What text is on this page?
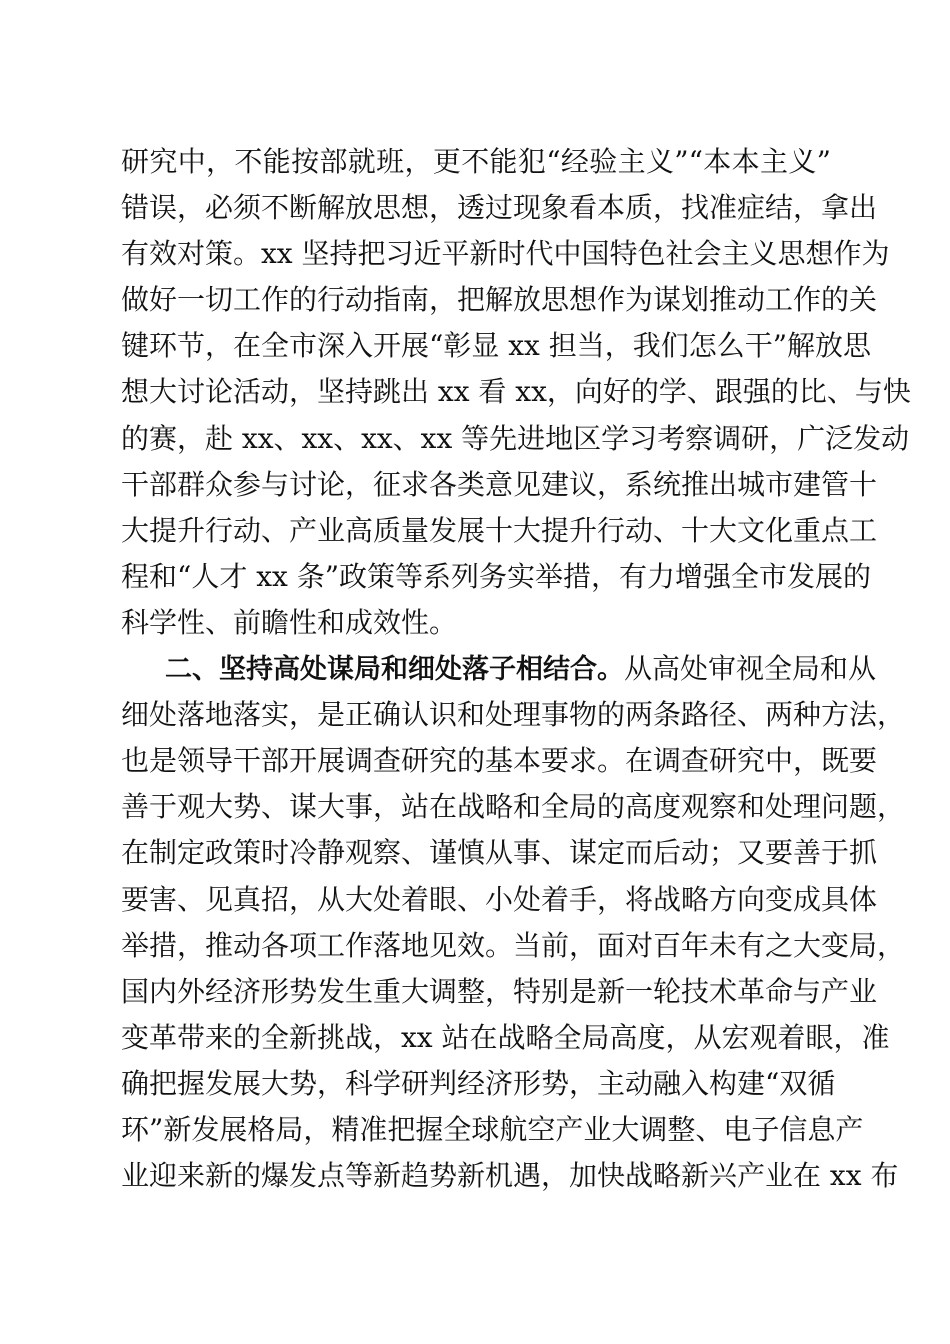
研究中，不能按部就班，更不能犯“经验主义”“本本主义”
错误，必须不断解放思想，透过现象看本质，找准症结，拿出
有效对策。xx 坚持把习近平新时代中国特色社会主义思想作为
做好一切工作的行动指南，把解放思想作为谋划推动工作的关
键环节，在全市深入开展“彰显 xx 担当，我们怎么干”解放思
想大讨论活动，坚持跳出 xx 看 xx，向好的学、跟强的比、与快
的赛，赴 xx、xx、xx、xx 等先进地区学习考察调研，广泛发动
干部群众参与讨论，征求各类意见建议，系统推出城市建管十
大提升行动、产业高质量发展十大提升行动、十大文化重点工
程和“人才 xx 条”政策等系列务实举措，有力增强全市发展的
科学性、前瞻性和成效性。
二、坚持高处谋局和细处落子相结合。从高处审视全局和从
细处落地落实，是正确认识和处理事物的两条路径、两种方法，
也是领导干部开展调查研究的基本要求。在调查研究中，既要
善于观大势、谋大事，站在战略和全局的高度观察和处理问题，
在制定政策时冷静观察、谨慎从事、谋定而后动；又要善于抓
要害、见真招，从大处着眼、小处着手，将战略方向变成具体
举措，推动各项工作落地见效。当前，面对百年未有之大变局，
国内外经济形势发生重大调整，特别是新一轮技术革命与产业
变革带来的全新挑战，xx 站在战略全局高度，从宏观着眼，准
确把握发展大势，科学研判经济形势，主动融入构建“双循
环”新发展格局，精准把握全球航空产业大调整、电子信息产
业迎来新的爆发点等新趋势新机遇，加快战略新兴产业在 xx 布
